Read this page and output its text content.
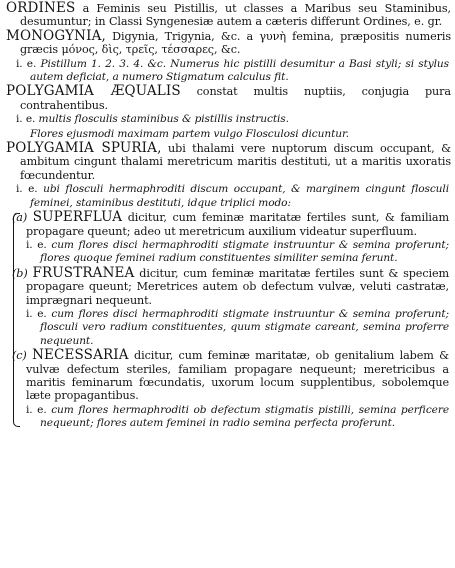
ORDINES a Feminis seu Pistillis, ut classes a Maribus seu Staminibus, desumuntur; in Classi Syngenesiæ autem a cæteris differunt Ordines, e. gr.

MONOGYNIA, Digynia, Trigynia, &c. a γυνὴ femina, præpositis numeris græcis μόνος, δὶς, τρεῖς, τέσσαρες, &c.

i. e. Pistillum 1. 2. 3. 4. &c. Numerus hic pistilli desumitur a Basi styli; si stylus autem deficiat, a numero Stigmatum calculus fit.

POLYGAMIA ÆQUALIS constat multis nuptiis, conjugia pura contrahentibus.

i. e. multis flosculis staminibus & pistillis instructis.

Flores ejusmodi maximam partem vulgo Flosculosi dicuntur.

POLYGAMIA SPURIA, ubi thalami vere nuptorum discum occupant, & ambitum cingunt thalami meretricum maritis destituti, ut a maritis uxoratis fœcundentur.

i. e. ubi flosculi hermaphroditi discum occupant, & marginem cingunt flosculi feminei, staminibus destituti, idque triplici modo:

(a) SUPERFLUA dicitur, cum feminæ maritatæ fertiles sunt, & familiam propagare queunt; adeo ut meretricum auxilium videatur superfluum.

i. e. cum flores disci hermaphroditi stigmate instruuntur & semina proferunt; flores quoque feminei radium constituentes similiter semina ferunt.

(b) FRUSTRANEA dicitur, cum feminæ maritatæ fertiles sunt & speciem propagare queunt; Meretrices autem ob defectum vulvæ, veluti castratæ, imprægnari nequeunt.

i. e. cum flores disci hermaphroditi stigmate instruuntur & semina proferunt; flosculi vero radium constituentes, quum stigmate careant, semina proferre nequeunt.

(c) NECESSARIA dicitur, cum feminæ maritatæ, ob genitalium labem & vulvæ defectum steriles, familiam propagare nequeunt; meretricibus a maritis feminarum fœcundatis, uxorum locum supplentibus, sobolemque læte propagantibus.

i. e. cum flores hermaphroditi ob defectum stigmatis pistilli, semina perficere nequeunt; flores autem feminei in radio semina perfecta proferunt.
